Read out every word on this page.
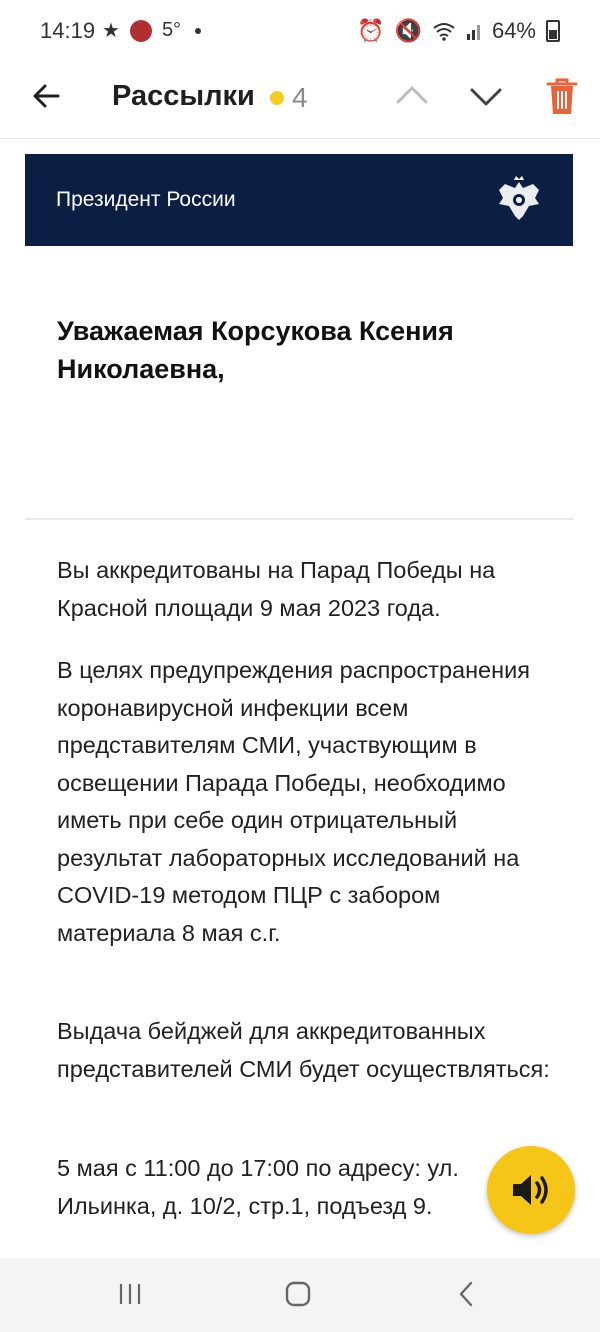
14:19 ★ 5°	⏰ 🔇	64%
Рассылки 4
Президент России
Уважаемая Корсукова Ксения Николаевна,
Вы аккредитованы на Парад Победы на Красной площади 9 мая 2023 года.
В целях предупреждения распространения коронавирусной инфекции всем представителям СМИ, участвующим в освещении Парада Победы, необходимо иметь при себе один отрицательный результат лабораторных исследований на COVID-19 методом ПЦР с забором материала 8 мая с.г.
Выдача бейджей для аккредитованных представителей СМИ будет осуществляться:
5 мая с 11:00 до 17:00 по адресу: ул.
Ильинка, д. 10/2, стр.1, подъезд 9.
